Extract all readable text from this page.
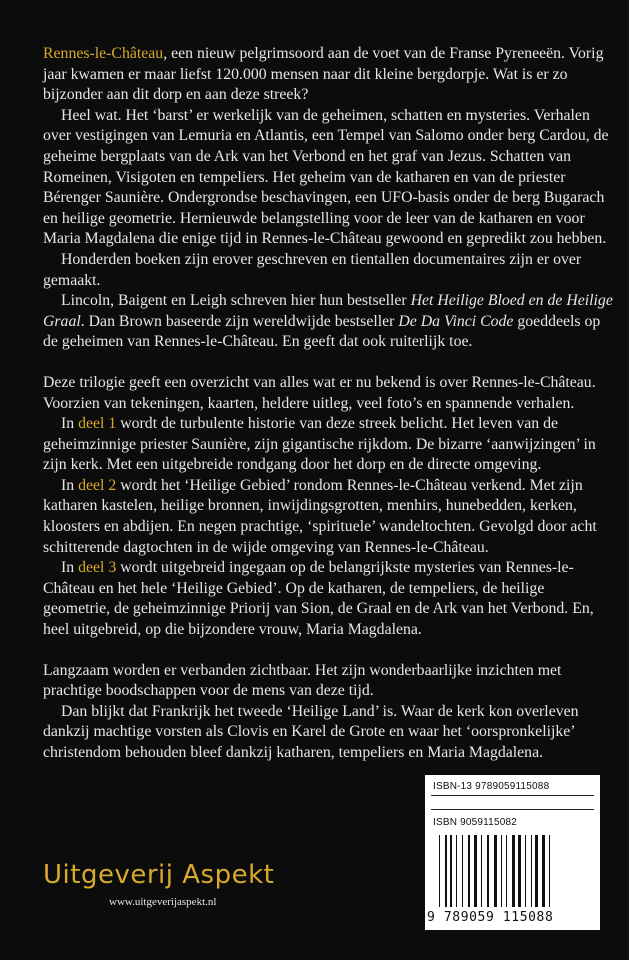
Rennes-le-Château, een nieuw pelgrimsoord aan de voet van de Franse Pyreneeën. Vorig jaar kwamen er maar liefst 120.000 mensen naar dit kleine bergdorpje. Wat is er zo bijzonder aan dit dorp en aan deze streek?

Heel wat. Het ‘barst’ er werkelijk van de geheimen, schatten en mysteries. Verhalen over vestigingen van Lemuria en Atlantis, een Tempel van Salomo onder berg Cardou, de geheime bergplaats van de Ark van het Verbond en het graf van Jezus. Schatten van Romeinen, Visigoten en tempeliers. Het geheim van de katharen en van de priester Bérenger Saunière. Ondergrondse beschavingen, een UFO-basis onder de berg Bugarach en heilige geometrie. Hernieuwde belangstelling voor de leer van de katharen en voor Maria Magdalena die enige tijd in Rennes-le-Château gewoond en gepredikt zou hebben.

Honderden boeken zijn erover geschreven en tientallen documentaires zijn er over gemaakt.

Lincoln, Baigent en Leigh schreven hier hun bestseller Het Heilige Bloed en de Heilige Graal. Dan Brown baseerde zijn wereldwijde bestseller De Da Vinci Code goeddeels op de geheimen van Rennes-le-Château. En geeft dat ook ruiterlijk toe.

Deze trilogie geeft een overzicht van alles wat er nu bekend is over Rennes-le-Château. Voorzien van tekeningen, kaarten, heldere uitleg, veel foto’s en spannende verhalen.

In deel 1 wordt de turbulente historie van deze streek belicht. Het leven van de geheimzinnige priester Saunière, zijn gigantische rijkdom. De bizarre ‘aanwijzingen’ in zijn kerk. Met een uitgebreide rondgang door het dorp en de directe omgeving.

In deel 2 wordt het ‘Heilige Gebied’ rondom Rennes-le-Château verkend. Met zijn katharen kastelen, heilige bronnen, inwijdingsgrotten, menhirs, hunebedden, kerken, kloosters en abdijen. En negen prachtige, ‘spirituele’ wandeltochten. Gevolgd door acht schitterende dagtochten in de wijde omgeving van Rennes-le-Château.

In deel 3 wordt uitgebreid ingegaan op de belangrijkste mysteries van Rennes-le-Château en het hele ‘Heilige Gebied’. Op de katharen, de tempeliers, de heilige geometrie, de geheimzinnige Priorij van Sion, de Graal en de Ark van het Verbond. En, heel uitgebreid, op die bijzondere vrouw, Maria Magdalena.

Langzaam worden er verbanden zichtbaar. Het zijn wonderbaarlijke inzichten met prachtige boodschappen voor de mens van deze tijd.

Dan blijkt dat Frankrijk het tweede ‘Heilige Land’ is. Waar de kerk kon overleven dankzij machtige vorsten als Clovis en Karel de Grote en waar het ‘oorspronkelijke’ christendom behouden bleef dankzij katharen, tempeliers en Maria Magdalena.

ISBN-13 9789059115088
ISBN 9059115082
9 789059 115088
Uitgeverij Aspekt
www.uitgeverijaspekt.nl
